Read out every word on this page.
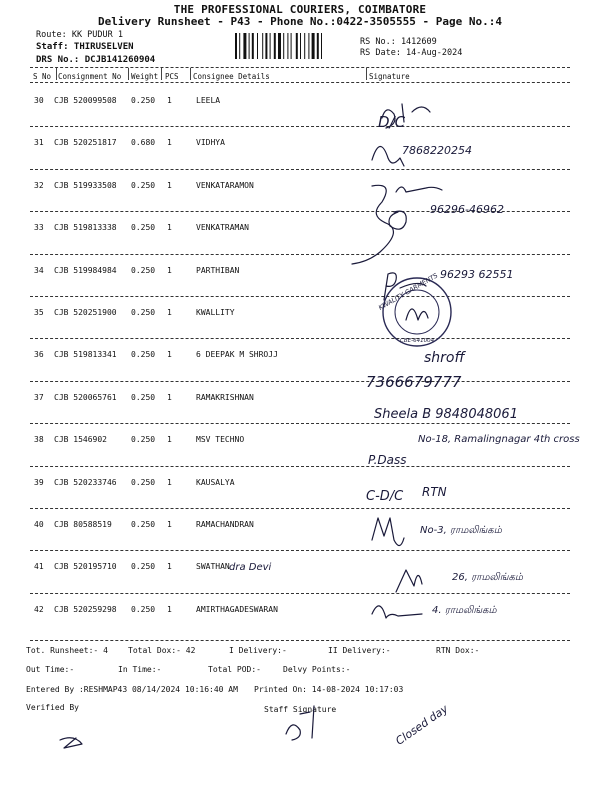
THE PROFESSIONAL COURIERS, COIMBATORE
Delivery Runsheet - P43 - Phone No.:0422-3505555 - Page No.:4
Route: KK PUDUR 1
Staff: THIRUSELVEN
DRS No.: DCJB141260904
RS No.: 1412609
RS Date: 14-Aug-2024
S No Consignment No Weight PCS Consignee Details	Signature
30 CJB 520099508 0.250 1	LEELA
31 CJB 520251817 0.680 1	VIDHYA
32 CJB 519933508 0.250 1	VENKATARAMON
33 CJB 519813338 0.250 1	VENKATRAMAN
34 CJB 519984984 0.250 1	PARTHIBAN
35 CJB 520251900 0.250 1	KWALLITY
36 CJB 519813341 0.250 1	6 DEEPAK M SHROJJ
37 CJB 520065761 0.250 1	RAMAKRISHNAN
38 CJB 1546902	0.250 1	MSV TECHNO
39 CJB 520233746 0.250 1	KAUSALYA
40 CJB 80588519 0.250 1	RAMACHANDRAN
41 CJB 520195710 0.250 1	SWATHAN
42 CJB 520259298 0.250 1	AMIRTHAGADESWARAN
Tot. Runsheet:- 4	Total Dox:- 42	I Delivery:-	II Delivery:-	RTN Dox:-
Out Time:-	In Time:-	Total POD:-	Delvy Points:-
Entered By :RESHMAP43 08/14/2024 10:16:40 AM Printed On: 14-08-2024 10:17:03
Verified By	Staff Signature
D/C
7868220254
96296-46962
96293 62551
KWALITY GARMENTS
CBE-641004
shroff
7366679777
Sheela B 9848048061
No-18, Ramalingnagar 4th cross
P.Dass
C-D/C RTN
No-3, ராமலிங்கம்
26, ராமலிங்கம்
dra Devi
4. ராமலிங்கம்
Closed day
